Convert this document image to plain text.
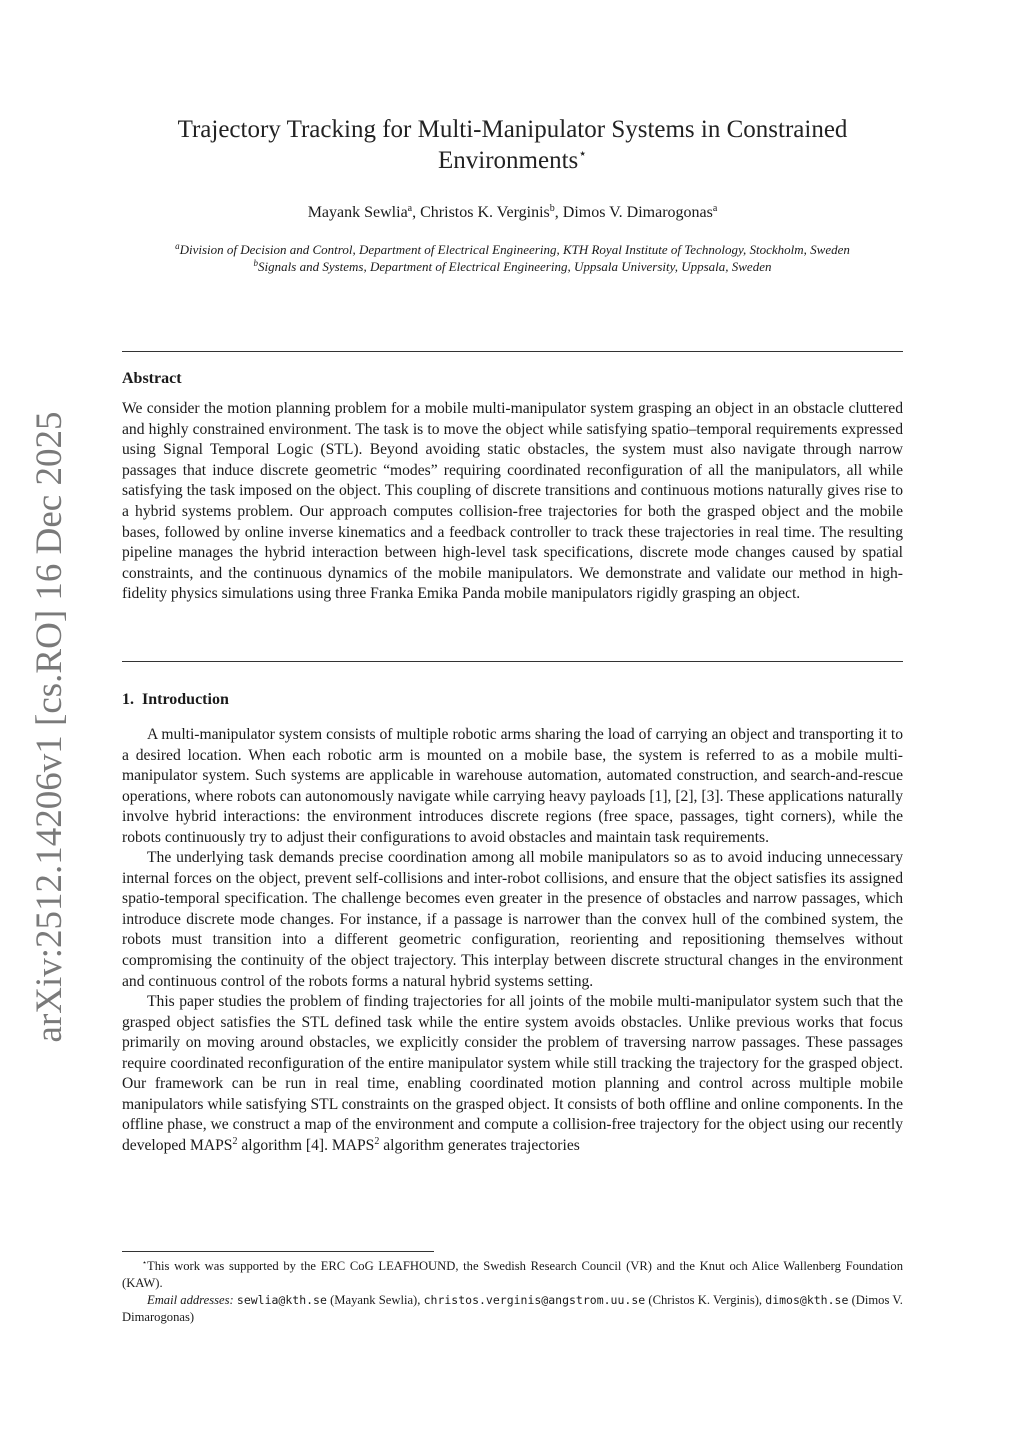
arXiv:2512.14206v1 [cs.RO] 16 Dec 2025
Trajectory Tracking for Multi-Manipulator Systems in Constrained
Environments⋆
Mayank Sewlia$^a$, Christos K. Verginis$^b$, Dimos V. Dimarogonas$^a$
$^a$Division of Decision and Control, Department of Electrical Engineering, KTH Royal Institute of Technology, Stockholm, Sweden
$^b$Signals and Systems, Department of Electrical Engineering, Uppsala University, Uppsala, Sweden
Abstract
We consider the motion planning problem for a mobile multi-manipulator system grasping an object in an obstacle cluttered and highly constrained environment. The task is to move the object while satisfying spatio–temporal requirements expressed using Signal Temporal Logic (STL). Beyond avoiding static obstacles, the system must also navigate through narrow passages that induce discrete geometric “modes” requiring coordinated reconfiguration of all the manipulators, all while satisfying the task imposed on the object. This coupling of discrete transitions and continuous motions naturally gives rise to a hybrid systems problem. Our approach computes collision-free trajectories for both the grasped object and the mobile bases, followed by online inverse kinematics and a feedback controller to track these trajectories in real time. The resulting pipeline manages the hybrid interaction between high-level task specifications, discrete mode changes caused by spatial constraints, and the continuous dynamics of the mobile manipulators. We demonstrate and validate our method in high-fidelity physics simulations using three Franka Emika Panda mobile manipulators rigidly grasping an object.
1. Introduction

A multi-manipulator system consists of multiple robotic arms sharing the load of carrying an object and transporting it to a desired location. When each robotic arm is mounted on a mobile base, the system is referred to as a mobile multi-manipulator system. Such systems are applicable in warehouse automation, automated construction, and search-and-rescue operations, where robots can autonomously navigate while carrying heavy payloads [1], [2], [3]. These applications naturally involve hybrid interactions: the environment introduces discrete regions (free space, passages, tight corners), while the robots continuously try to adjust their configurations to avoid obstacles and maintain task requirements.

The underlying task demands precise coordination among all mobile manipulators so as to avoid inducing unnecessary internal forces on the object, prevent self-collisions and inter-robot collisions, and ensure that the object satisfies its assigned spatio-temporal specification. The challenge becomes even greater in the presence of obstacles and narrow passages, which introduce discrete mode changes. For instance, if a passage is narrower than the convex hull of the combined system, the robots must transition into a different geometric configuration, reorienting and repositioning themselves without compromising the continuity of the object trajectory. This interplay between discrete structural changes in the environment and continuous control of the robots forms a natural hybrid systems setting.

This paper studies the problem of finding trajectories for all joints of the mobile multi-manipulator system such that the grasped object satisfies the STL defined task while the entire system avoids obstacles. Unlike previous works that focus primarily on moving around obstacles, we explicitly consider the problem of traversing narrow passages. These passages require coordinated reconfiguration of the entire manipulator system while still tracking the trajectory for the grasped object. Our framework can be run in real time, enabling coordinated motion planning and control across multiple mobile manipulators while satisfying STL constraints on the grasped object. It consists of both offline and online components. In the offline phase, we construct a map of the environment and compute a collision-free trajectory for the object using our recently developed MAPS$^2$ algorithm [4]. MAPS$^2$ algorithm generates trajectories

⋆This work was supported by the ERC CoG LEAFHOUND, the Swedish Research Council (VR) and the Knut och Alice Wallenberg Foundation (KAW).

Email addresses: sewlia@kth.se (Mayank Sewlia), christos.verginis@angstrom.uu.se (Christos K. Verginis), dimos@kth.se (Dimos V. Dimarogonas)
